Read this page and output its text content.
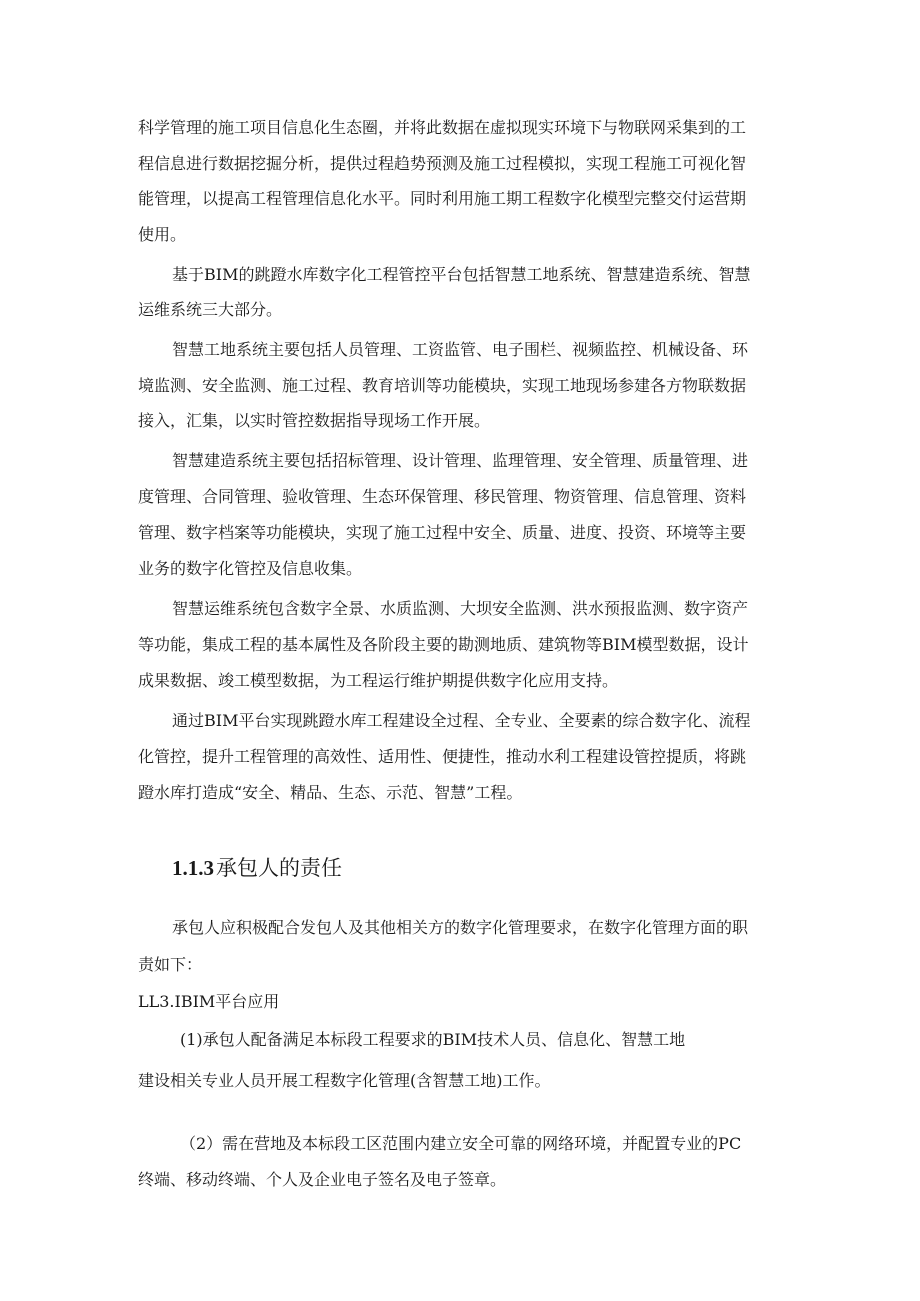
科学管理的施工项目信息化生态圈，并将此数据在虚拟现实环境下与物联网采集到的工
程信息进行数据挖掘分析，提供过程趋势预测及施工过程模拟，实现工程施工可视化智
能管理，以提高工程管理信息化水平。同时利用施工期工程数字化模型完整交付运营期
使用。
基于BIM的跳蹬水库数字化工程管控平台包括智慧工地系统、智慧建造系统、智慧
运维系统三大部分。
智慧工地系统主要包括人员管理、工资监管、电子围栏、视频监控、机械设备、环
境监测、安全监测、施工过程、教育培训等功能模块，实现工地现场参建各方物联数据
接入，汇集，以实时管控数据指导现场工作开展。
智慧建造系统主要包括招标管理、设计管理、监理管理、安全管理、质量管理、进
度管理、合同管理、验收管理、生态环保管理、移民管理、物资管理、信息管理、资料
管理、数字档案等功能模块，实现了施工过程中安全、质量、进度、投资、环境等主要
业务的数字化管控及信息收集。
智慧运维系统包含数字全景、水质监测、大坝安全监测、洪水预报监测、数字资产
等功能，集成工程的基本属性及各阶段主要的勘测地质、建筑物等BIM模型数据，设计
成果数据、竣工模型数据，为工程运行维护期提供数字化应用支持。
通过BIM平台实现跳蹬水库工程建设全过程、全专业、全要素的综合数字化、流程
化管控，提升工程管理的高效性、适用性、便捷性，推动水利工程建设管控提质，将跳
蹬水库打造成“安全、精品、生态、示范、智慧”工程。
1.1.3承包人的责任
承包人应积极配合发包人及其他相关方的数字化管理要求，在数字化管理方面的职
责如下：
LL3.IBIM平台应用
(1)承包人配备满足本标段工程要求的BIM技术人员、信息化、智慧工地
建设相关专业人员开展工程数字化管理(含智慧工地)工作。
（2）需在营地及本标段工区范围内建立安全可靠的网络环境，并配置专业的PC
终端、移动终端、个人及企业电子签名及电子签章。
